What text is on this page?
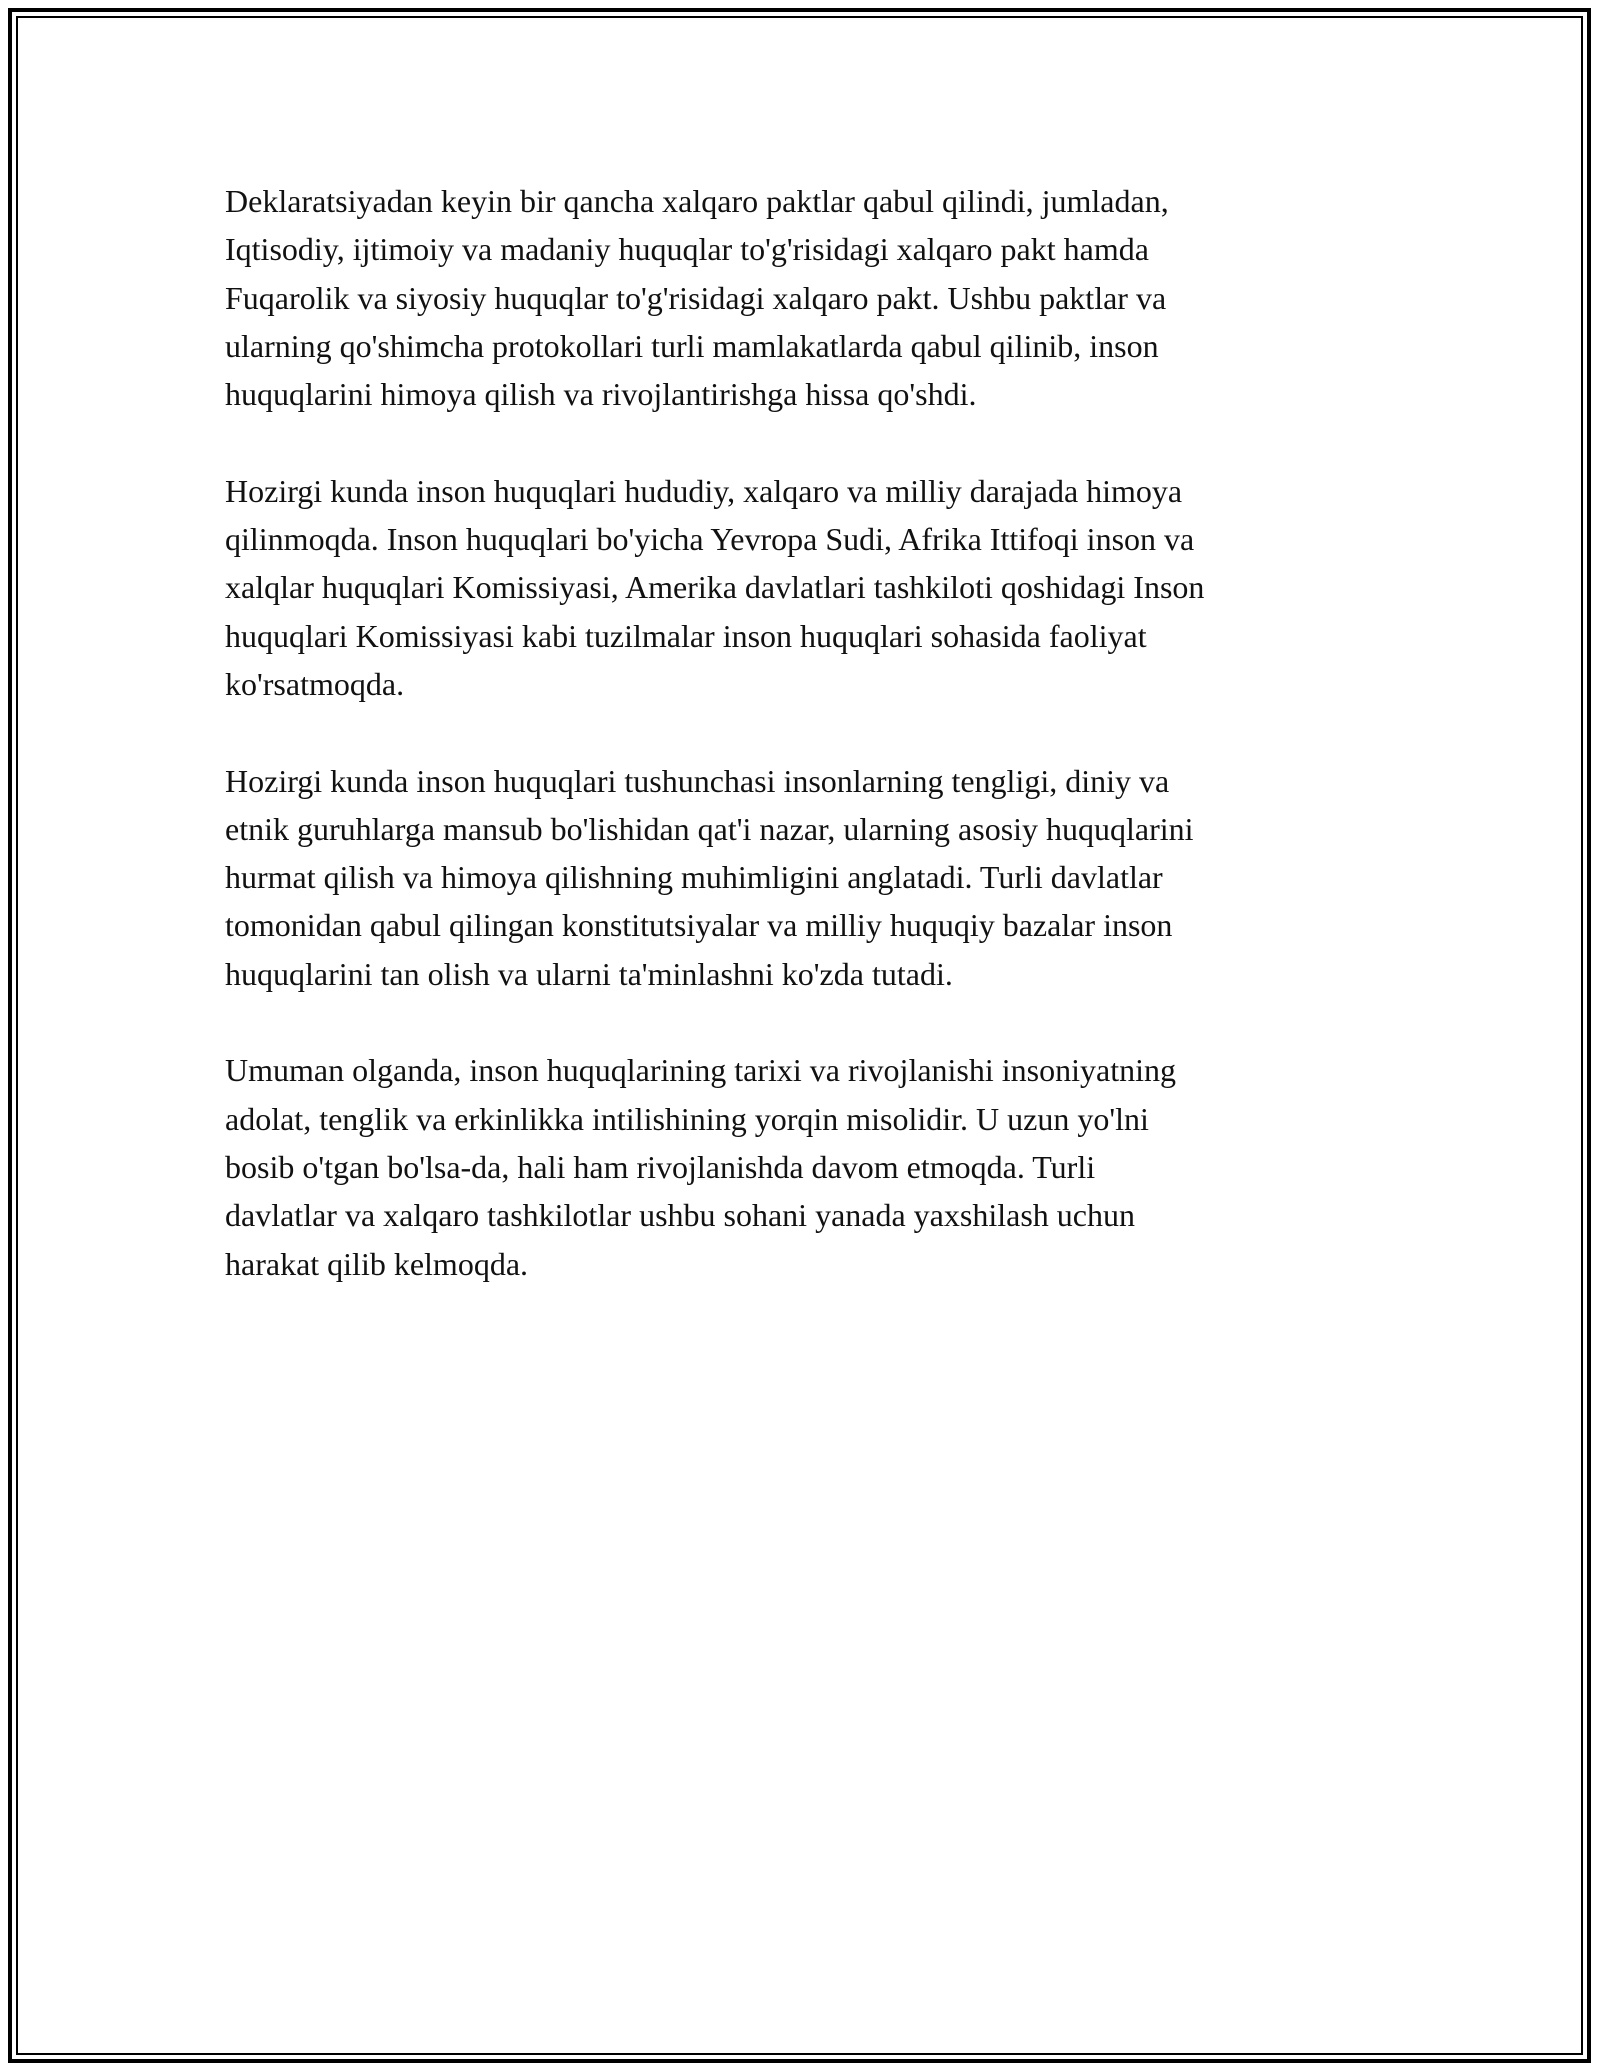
Deklaratsiyadan keyin bir qancha xalqaro paktlar qabul qilindi, jumladan,
Iqtisodiy, ijtimoiy va madaniy huquqlar to'g'risidagi xalqaro pakt hamda
Fuqarolik va siyosiy huquqlar to'g'risidagi xalqaro pakt. Ushbu paktlar va
ularning qo'shimcha protokollari turli mamlakatlarda qabul qilinib, inson
huquqlarini himoya qilish va rivojlantirishga hissa qo'shdi.

Hozirgi kunda inson huquqlari hududiy, xalqaro va milliy darajada himoya
qilinmoqda. Inson huquqlari bo'yicha Yevropa Sudi, Afrika Ittifoqi inson va
xalqlar huquqlari Komissiyasi, Amerika davlatlari tashkiloti qoshidagi Inson
huquqlari Komissiyasi kabi tuzilmalar inson huquqlari sohasida faoliyat
ko'rsatmoqda.

Hozirgi kunda inson huquqlari tushunchasi insonlarning tengligi, diniy va
etnik guruhlarga mansub bo'lishidan qat'i nazar, ularning asosiy huquqlarini
hurmat qilish va himoya qilishning muhimligini anglatadi. Turli davlatlar
tomonidan qabul qilingan konstitutsiyalar va milliy huquqiy bazalar inson
huquqlarini tan olish va ularni ta'minlashni ko'zda tutadi.

Umuman olganda, inson huquqlarining tarixi va rivojlanishi insoniyatning
adolat, tenglik va erkinlikka intilishining yorqin misolidir. U uzun yo'lni
bosib o'tgan bo'lsa-da, hali ham rivojlanishda davom etmoqda. Turli
davlatlar va xalqaro tashkilotlar ushbu sohani yanada yaxshilash uchun
harakat qilib kelmoqda.
